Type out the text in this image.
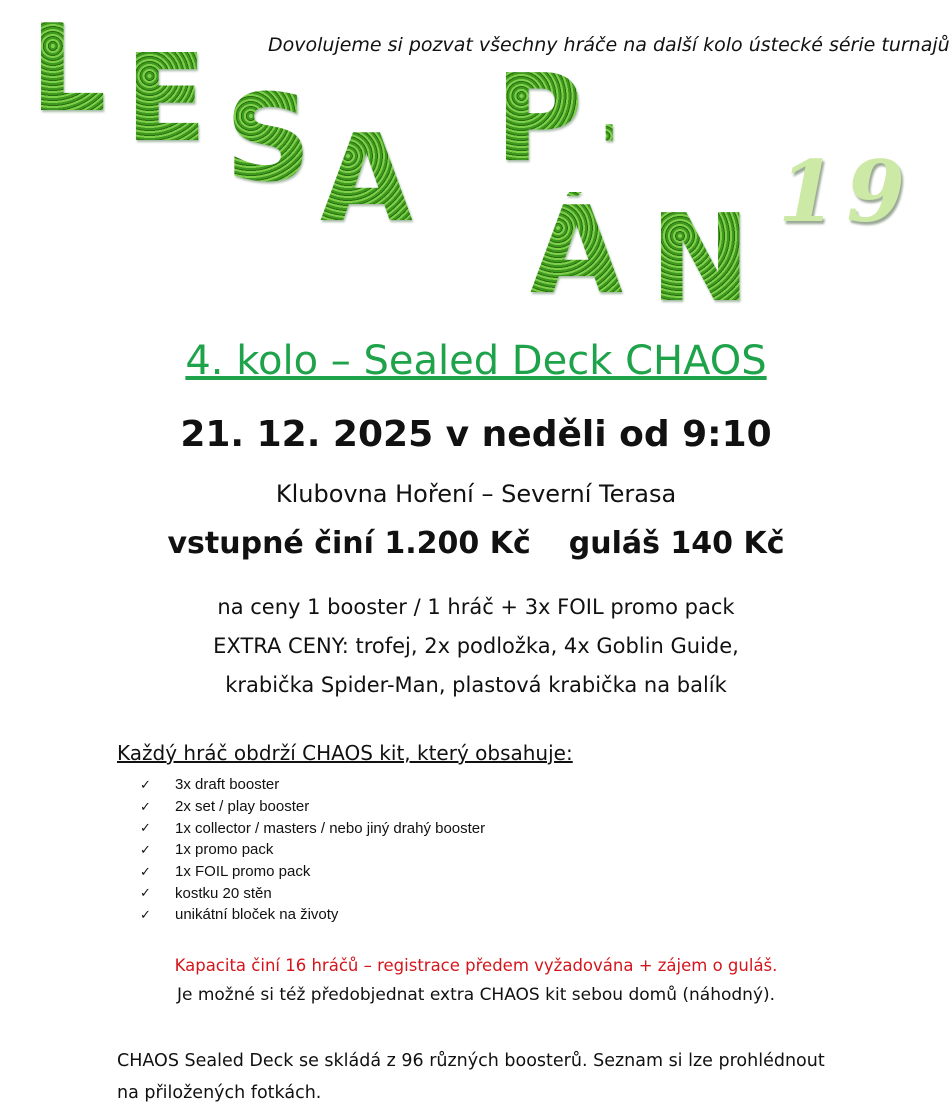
L E S A P '
Á N 19
Dovolujeme si pozvat všechny hráče na další kolo ústecké série turnajů
4. kolo – Sealed Deck CHAOS
21. 12. 2025 v neděli od 9:10
Klubovna Hoření – Severní Terasa
vstupné činí 1.200 Kč guláš 140 Kč
na ceny 1 booster / 1 hráč + 3x FOIL promo pack
EXTRA CENY: trofej, 2x podložka, 4x Goblin Guide,
krabička Spider-Man, plastová krabička na balík
Každý hráč obdrží CHAOS kit, který obsahuje:
✓	3x draft booster
✓	2x set / play booster
✓	1x collector / masters / nebo jiný drahý booster
✓	1x promo pack
✓	1x FOIL promo pack
✓	kostku 20 stěn
✓	unikátní bloček na životy
Kapacita činí 16 hráčů – registrace předem vyžadována + zájem o guláš.
Je možné si též předobjednat extra CHAOS kit sebou domů (náhodný).
CHAOS Sealed Deck se skládá z 96 různých boosterů. Seznam si lze prohlédnout
na přiložených fotkách.
